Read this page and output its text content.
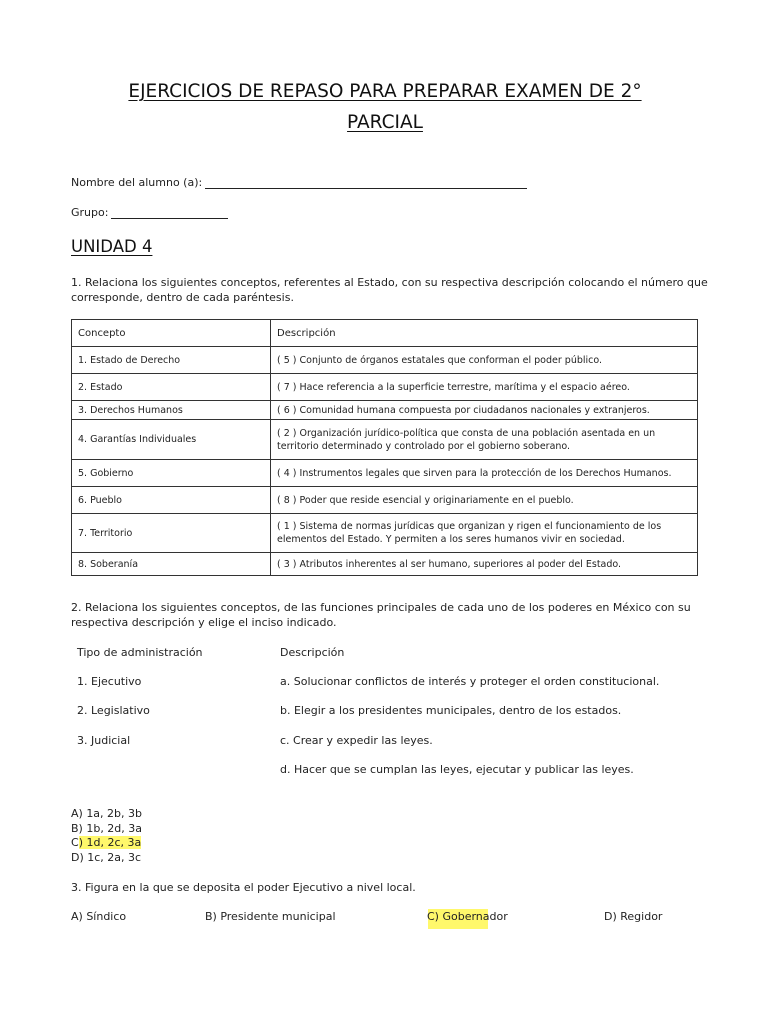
EJERCICIOS DE REPASO PARA PREPARAR EXAMEN DE 2°
PARCIAL
Nombre del alumno (a):
Grupo:
UNIDAD 4
1. Relaciona los siguientes conceptos, referentes al Estado, con su respectiva descripción colocando el número que corresponde, dentro de cada paréntesis.
Concepto	Descripción
1. Estado de Derecho	( 5 ) Conjunto de órganos estatales que conforman el poder público.
2. Estado	( 7 ) Hace referencia a la superficie terrestre, marítima y el espacio aéreo.
3. Derechos Humanos	( 6 ) Comunidad humana compuesta por ciudadanos nacionales y extranjeros.
4. Garantías Individuales	( 2 ) Organización jurídico-política que consta de una población asentada en un territorio determinado y controlado por el gobierno soberano.
5. Gobierno	( 4 ) Instrumentos legales que sirven para la protección de los Derechos Humanos.
6. Pueblo	( 8 ) Poder que reside esencial y originariamente en el pueblo.
7. Territorio	( 1 ) Sistema de normas jurídicas que organizan y rigen el funcionamiento de los elementos del Estado. Y permiten a los seres humanos vivir en sociedad.
8. Soberanía	( 3 ) Atributos inherentes al ser humano, superiores al poder del Estado.
2. Relaciona los siguientes conceptos, de las funciones principales de cada uno de los poderes en México con su respectiva descripción y elige el inciso indicado.
Tipo de administración	Descripción
1. Ejecutivo	a. Solucionar conflictos de interés y proteger el orden constitucional.
2. Legislativo	b. Elegir a los presidentes municipales, dentro de los estados.
3. Judicial	c. Crear y expedir las leyes.
d. Hacer que se cumplan las leyes, ejecutar y publicar las leyes.
A) 1a, 2b, 3b
B) 1b, 2d, 3a
C) 1d, 2c, 3a
D) 1c, 2a, 3c
3. Figura en la que se deposita el poder Ejecutivo a nivel local.
A) Síndico	B) Presidente municipal	C) Gobernador	D) Regidor
